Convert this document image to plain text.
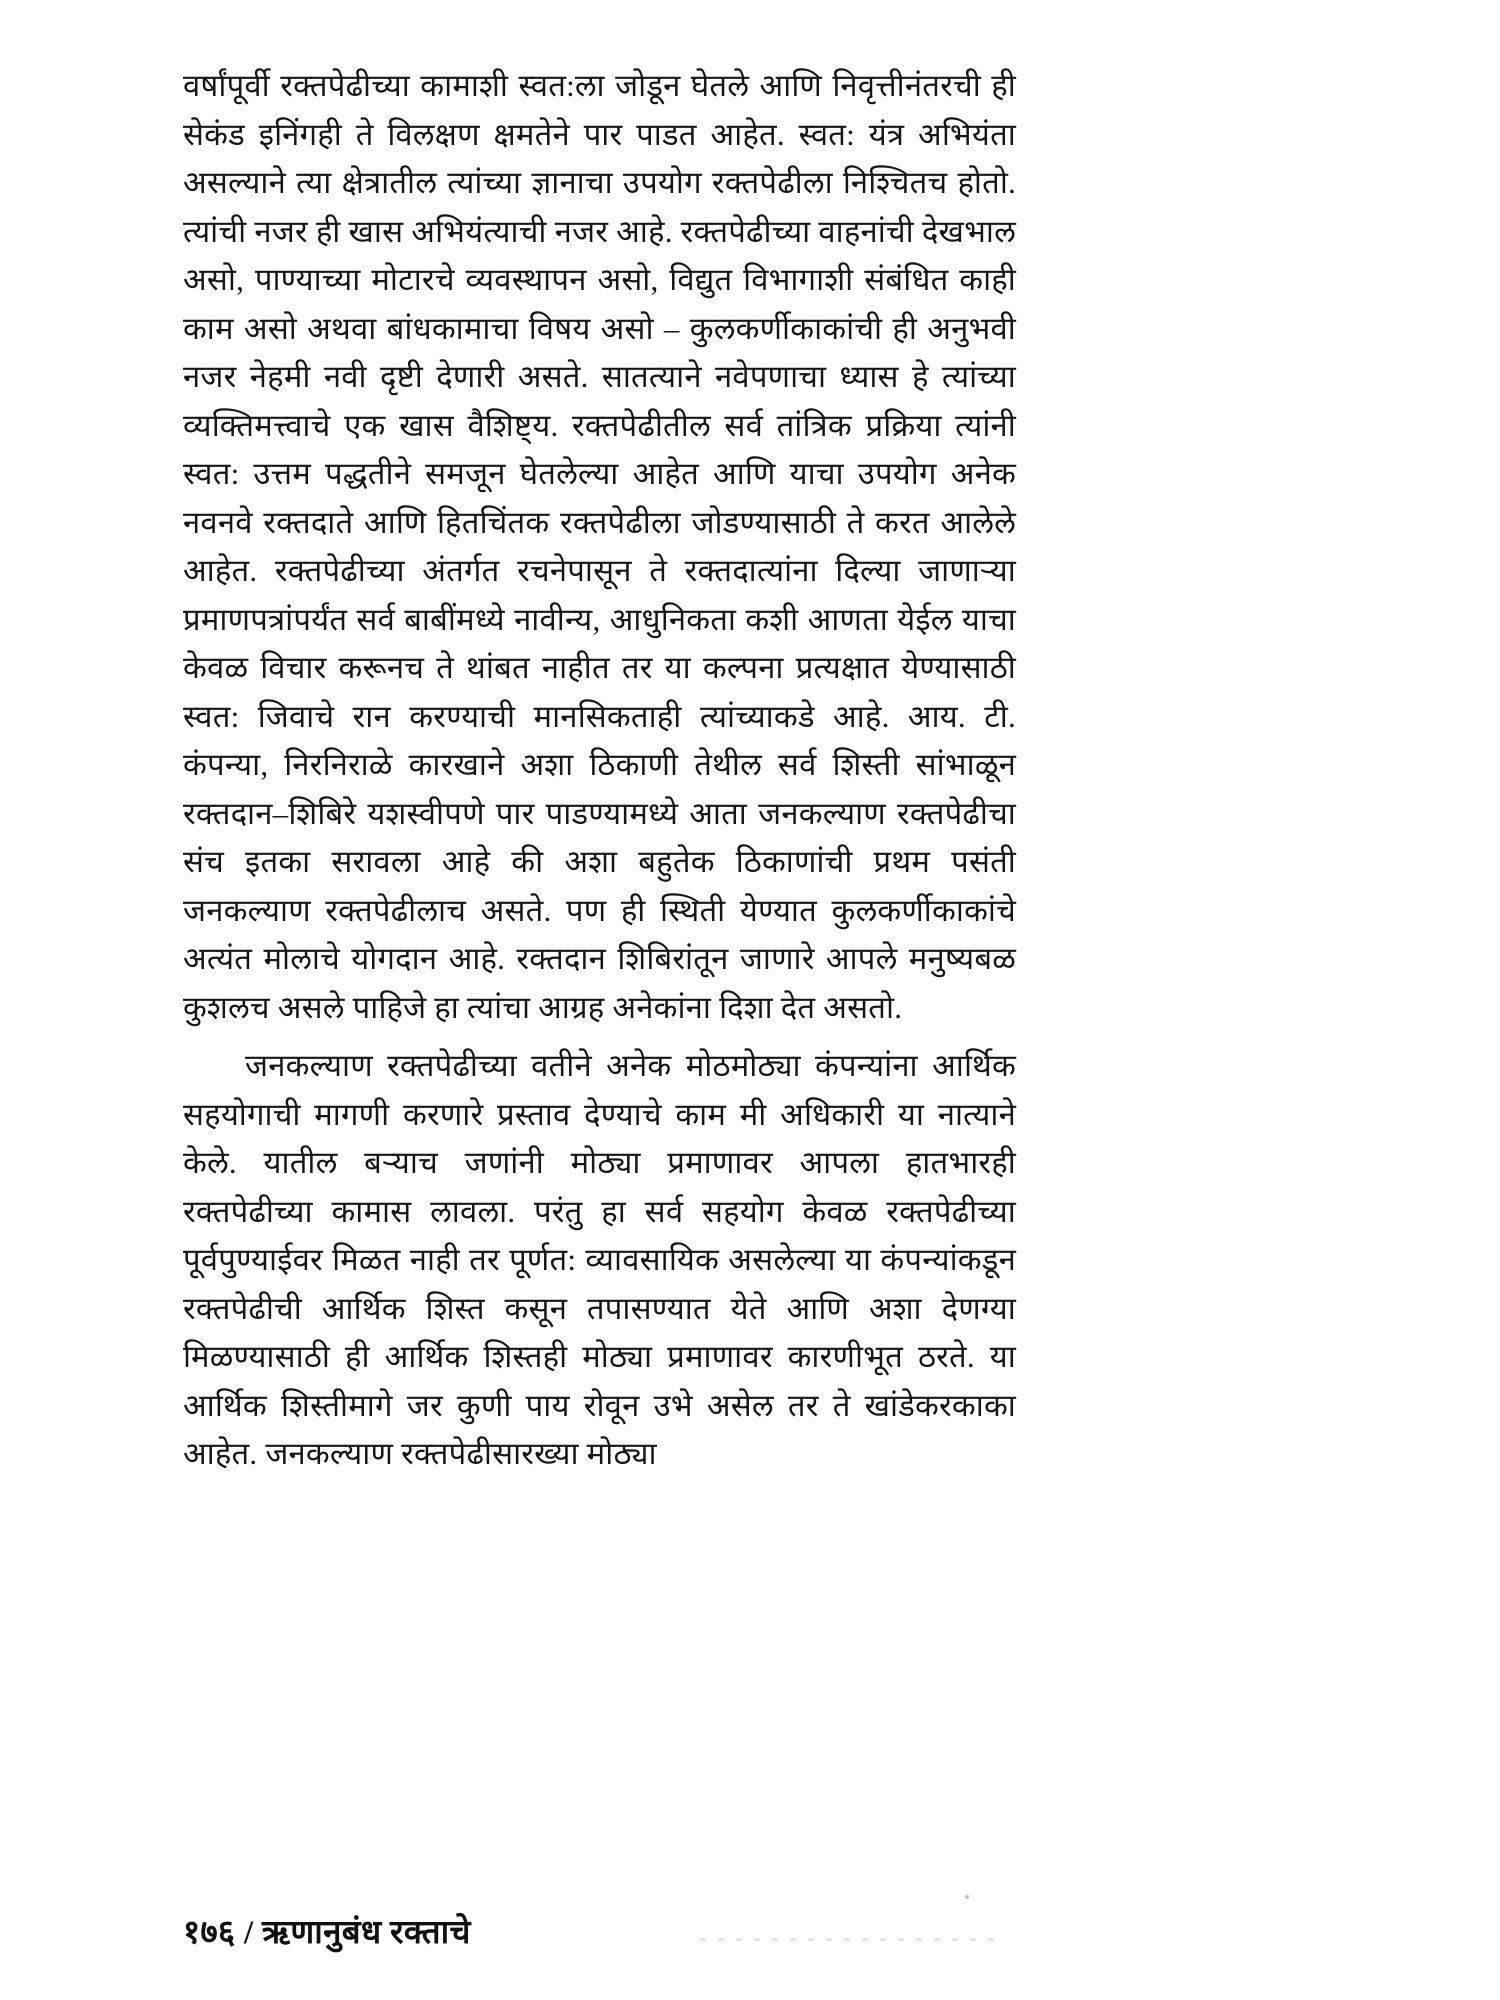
वर्षांपूर्वी रक्तपेढीच्या कामाशी स्वत:ला जोडून घेतले आणि निवृत्तीनंतरची ही सेकंड इनिंगही ते विलक्षण क्षमतेने पार पाडत आहेत. स्वत: यंत्र अभियंता असल्याने त्या क्षेत्रातील त्यांच्या ज्ञानाचा उपयोग रक्तपेढीला निश्चितच होतो. त्यांची नजर ही खास अभियंत्याची नजर आहे. रक्तपेढीच्या वाहनांची देखभाल असो, पाण्याच्या मोटारचे व्यवस्थापन असो, विद्युत विभागाशी संबंधित काही काम असो अथवा बांधकामाचा विषय असो – कुलकर्णीकाकांची ही अनुभवी नजर नेहमी नवी दृष्टी देणारी असते. सातत्याने नवेपणाचा ध्यास हे त्यांच्या व्यक्तिमत्त्वाचे एक खास वैशिष्ट्य. रक्तपेढीतील सर्व तांत्रिक प्रक्रिया त्यांनी स्वत: उत्तम पद्धतीने समजून घेतलेल्या आहेत आणि याचा उपयोग अनेक नवनवे रक्तदाते आणि हितचिंतक रक्तपेढीला जोडण्यासाठी ते करत आलेले आहेत. रक्तपेढीच्या अंतर्गत रचनेपासून ते रक्तदात्यांना दिल्या जाणाऱ्या प्रमाणपत्रांपर्यंत सर्व बाबींमध्ये नावीन्य, आधुनिकता कशी आणता येईल याचा केवळ विचार करूनच ते थांबत नाहीत तर या कल्पना प्रत्यक्षात येण्यासाठी स्वत: जिवाचे रान करण्याची मानसिकताही त्यांच्याकडे आहे. आय. टी. कंपन्या, निरनिराळे कारखाने अशा ठिकाणी तेथील सर्व शिस्ती सांभाळून रक्तदान–शिबिरे यशस्वीपणे पार पाडण्यामध्ये आता जनकल्याण रक्तपेढीचा संच इतका सरावला आहे की अशा बहुतेक ठिकाणांची प्रथम पसंती जनकल्याण रक्तपेढीलाच असते. पण ही स्थिती येण्यात कुलकर्णीकाकांचे अत्यंत मोलाचे योगदान आहे. रक्तदान शिबिरांतून जाणारे आपले मनुष्यबळ कुशलच असले पाहिजे हा त्यांचा आग्रह अनेकांना दिशा देत असतो.

जनकल्याण रक्तपेढीच्या वतीने अनेक मोठमोठ्या कंपन्यांना आर्थिक सहयोगाची मागणी करणारे प्रस्ताव देण्याचे काम मी अधिकारी या नात्याने केले. यातील बऱ्याच जणांनी मोठ्या प्रमाणावर आपला हातभारही रक्तपेढीच्या कामास लावला. परंतु हा सर्व सहयोग केवळ रक्तपेढीच्या पूर्वपुण्याईवर मिळत नाही तर पूर्णत: व्यावसायिक असलेल्या या कंपन्यांकडून रक्तपेढीची आर्थिक शिस्त कसून तपासण्यात येते आणि अशा देणग्या मिळण्यासाठी ही आर्थिक शिस्तही मोठ्या प्रमाणावर कारणीभूत ठरते. या आर्थिक शिस्तीमागे जर कुणी पाय रोवून उभे असेल तर ते खांडेकरकाका आहेत. जनकल्याण रक्तपेढीसारख्या मोठ्या

१७६ / ऋणानुबंध रक्ताचे
